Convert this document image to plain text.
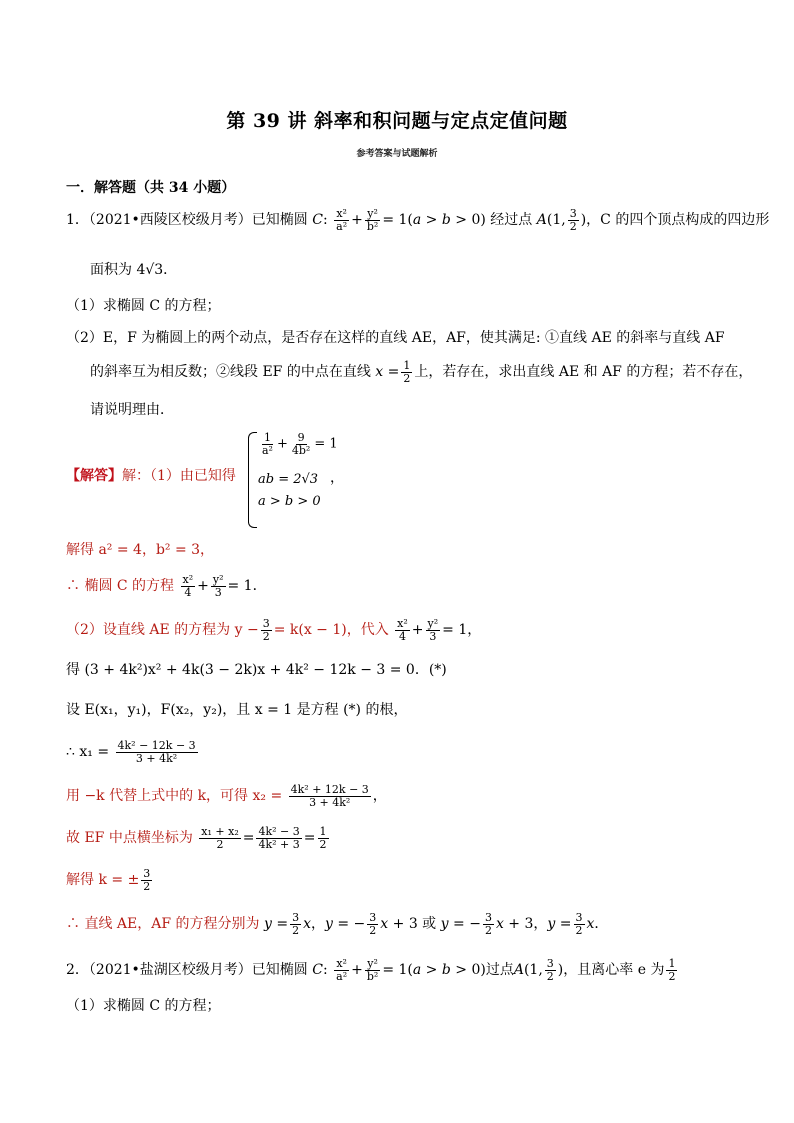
第 39 讲 斜率和积问题与定点定值问题
参考答案与试题解析
一．解答题（共 34 小题）
1．（2021•西陵区校级月考）已知椭圆 C: $\frac{\text{x²}}{\text{a²}} + \frac{\text{y²}}{\text{b²}} = 1(a > b > 0)$ 经过点 A(1, $\frac{3}{2}$ )，C 的四个顶点构成的四边形
面积为 4√3．
（1）求椭圆 C 的方程；
（2）E，F 为椭圆上的两个动点，是否存在这样的直线 AE，AF，使其满足: ①直线 AE 的斜率与直线 AF
的斜率互为相反数；②线段 EF 的中点在直线 $x = \frac{1}{2}$ 上，若存在，求出直线 AE 和 AF 的方程；若不存在，
请说明理由．
【解答】解：（1）由已知得
$\frac{1}{\text{a²}} + \frac{9}{\text{4b²}} = 1$
ab = 2√3
a > b > 0
，
解得 a² = 4，b² = 3，
∴ 椭圆 C 的方程 $\frac{\text{x²}}{4} + \frac{\text{y²}}{3} = 1$．
（2）设直线 AE 的方程为 $y - \frac{3}{2} = k(x - 1)$，代入 $\frac{\text{x²}}{4} + \frac{\text{y²}}{3} = 1$，
得 (3 + 4k²)x² + 4k(3 − 2k)x + 4k² − 12k − 3 = 0．(*)
设 E(x₁，y₁)，F(x₂，y₂)，且 x = 1 是方程 (*) 的根，
∴ $x_1 = \frac{\text{4k² − 12k − 3}}{\text{3 + 4k²}}$
用 −k 代替上式中的 k，可得 $x_2 = \frac{\text{4k² + 12k − 3}}{\text{3 + 4k²}}$ ，
故 EF 中点横坐标为 $\frac{\text{x₁ + x₂}}{2} = \frac{\text{4k² − 3}}{\text{4k² + 3}} = \frac{1}{2}$
解得 k = ± $\frac{3}{2}$
∴ 直线 AE，AF 的方程分别为 $y = \frac{3}{2}$ x，y = − $\frac{3}{2}$ x + 3 或 y = − $\frac{3}{2}$ x + 3，$y = \frac{3}{2}$ x．
2．（2021•盐湖区校级月考）已知椭圆 C: $\frac{\text{x²}}{\text{a²}} + \frac{\text{y²}}{\text{b²}} = 1(a > b > 0)$过点A(1, $\frac{3}{2}$ )，且离心率 e 为 $\frac{1}{2}$
（1）求椭圆 C 的方程；
